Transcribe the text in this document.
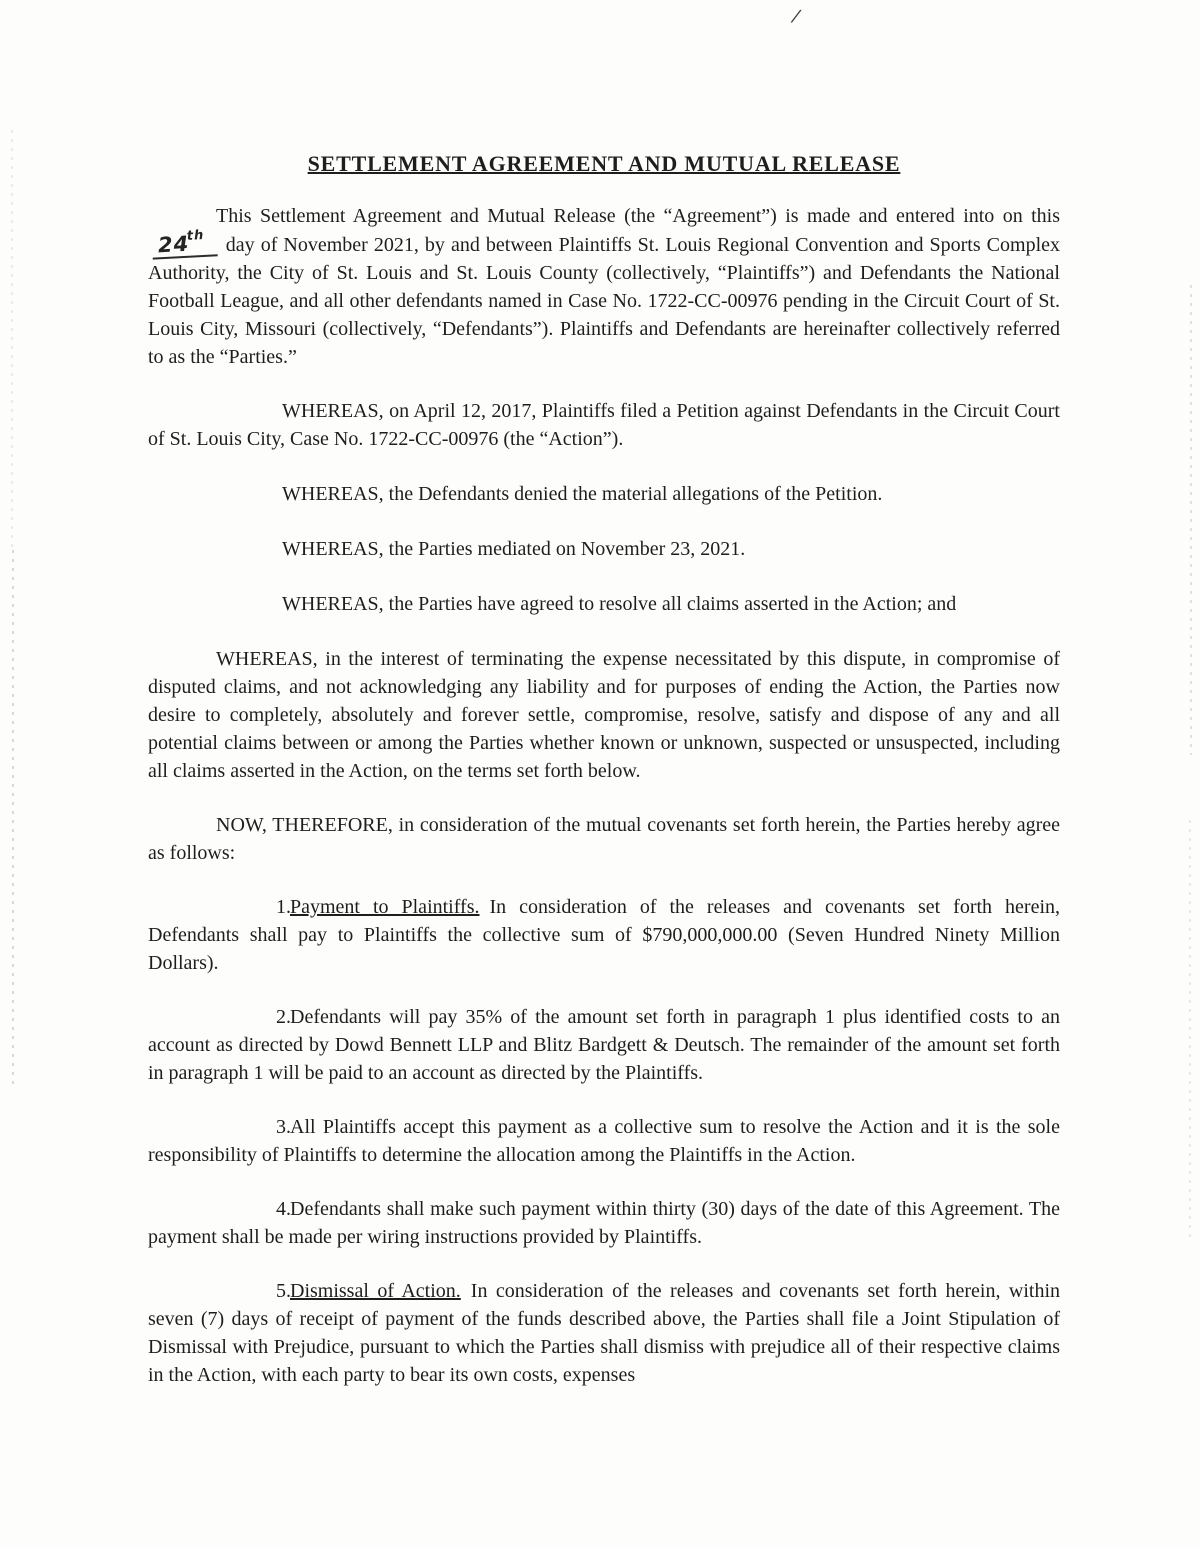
/
SETTLEMENT AGREEMENT AND MUTUAL RELEASE

This Settlement Agreement and Mutual Release (the “Agreement”) is made and entered into on this 24th day of November 2021, by and between Plaintiffs St. Louis Regional Convention and Sports Complex Authority, the City of St. Louis and St. Louis County (collectively, “Plaintiffs”) and Defendants the National Football League, and all other defendants named in Case No. 1722-CC-00976 pending in the Circuit Court of St. Louis City, Missouri (collectively, “Defendants”). Plaintiffs and Defendants are hereinafter collectively referred to as the “Parties.”

WHEREAS, on April 12, 2017, Plaintiffs filed a Petition against Defendants in the Circuit Court of St. Louis City, Case No. 1722-CC-00976 (the “Action”).

WHEREAS, the Defendants denied the material allegations of the Petition.

WHEREAS, the Parties mediated on November 23, 2021.

WHEREAS, the Parties have agreed to resolve all claims asserted in the Action; and

WHEREAS, in the interest of terminating the expense necessitated by this dispute, in compromise of disputed claims, and not acknowledging any liability and for purposes of ending the Action, the Parties now desire to completely, absolutely and forever settle, compromise, resolve, satisfy and dispose of any and all potential claims between or among the Parties whether known or unknown, suspected or unsuspected, including all claims asserted in the Action, on the terms set forth below.

NOW, THEREFORE, in consideration of the mutual covenants set forth herein, the Parties hereby agree as follows:

1.Payment to Plaintiffs. In consideration of the releases and covenants set forth herein, Defendants shall pay to Plaintiffs the collective sum of $790,000,000.00 (Seven Hundred Ninety Million Dollars).

2.Defendants will pay 35% of the amount set forth in paragraph 1 plus identified costs to an account as directed by Dowd Bennett LLP and Blitz Bardgett & Deutsch. The remainder of the amount set forth in paragraph 1 will be paid to an account as directed by the Plaintiffs.

3.All Plaintiffs accept this payment as a collective sum to resolve the Action and it is the sole responsibility of Plaintiffs to determine the allocation among the Plaintiffs in the Action.

4.Defendants shall make such payment within thirty (30) days of the date of this Agreement. The payment shall be made per wiring instructions provided by Plaintiffs.

5.Dismissal of Action. In consideration of the releases and covenants set forth herein, within seven (7) days of receipt of payment of the funds described above, the Parties shall file a Joint Stipulation of Dismissal with Prejudice, pursuant to which the Parties shall dismiss with prejudice all of their respective claims in the Action, with each party to bear its own costs, expenses
